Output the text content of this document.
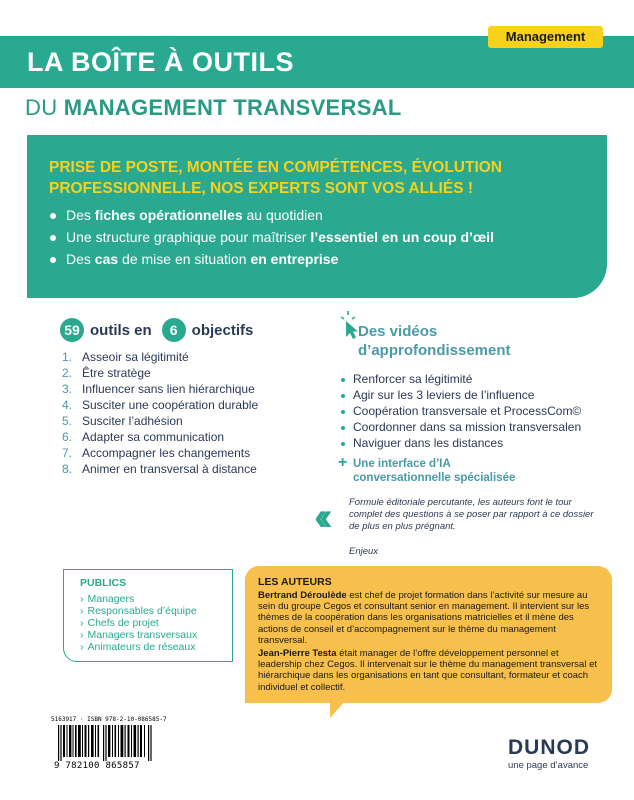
LA BOÎTE À OUTILS
Management
DU MANAGEMENT TRANSVERSAL
PRISE DE POSTE, MONTÉE EN COMPÉTENCES, ÉVOLUTION PROFESSIONNELLE, NOS EXPERTS SONT VOS ALLIÉS !
Des fiches opérationnelles au quotidien
Une structure graphique pour maîtriser l’essentiel en un coup d’œil
Des cas de mise en situation en entreprise
59 outils en	6 objectifs
1. Asseoir sa légitimité
2. Être stratège
3. Influencer sans lien hiérarchique
4. Susciter une coopération durable
5. Susciter l’adhésion
6. Adapter sa communication
7. Accompagner les changements
8. Animer en transversal à distance
Des vidéos
d’approfondissement
Renforcer sa légitimité
Agir sur les 3 leviers de l’influence
Coopération transversale et ProcessCom©
Coordonner dans sa mission transversalen
Naviguer dans les distances
+ Une interface d’IA
conversationnelle spécialisée
‹‹	Formule éditoriale percutante, les auteurs font le tour complet des questions à se poser par rapport à ce dossier de plus en plus prégnant.
Enjeux
PUBLICS
› Managers
› Responsables d’équipe
› Chefs de projet
› Managers transversaux
› Animateurs de réseaux
LES AUTEURS
Bertrand Déroulède est chef de projet formation dans l’activité sur mesure au sein du groupe Cegos et consultant senior en management. Il intervient sur les thèmes de la coopération dans les organisations matricielles et il mène des actions de conseil et d’accompagnement sur le thème du management transversal.
Jean-Pierre Testa était manager de l’offre développement personnel et leadership chez Cegos. Il intervenait sur le thème du management transversal et hiérarchique dans les organisations en tant que consultant, formateur et coach individuel et collectif.
5163917 · ISBN 978-2-10-086585-7
9 782100 865857
DUNOD
une page d’avance
